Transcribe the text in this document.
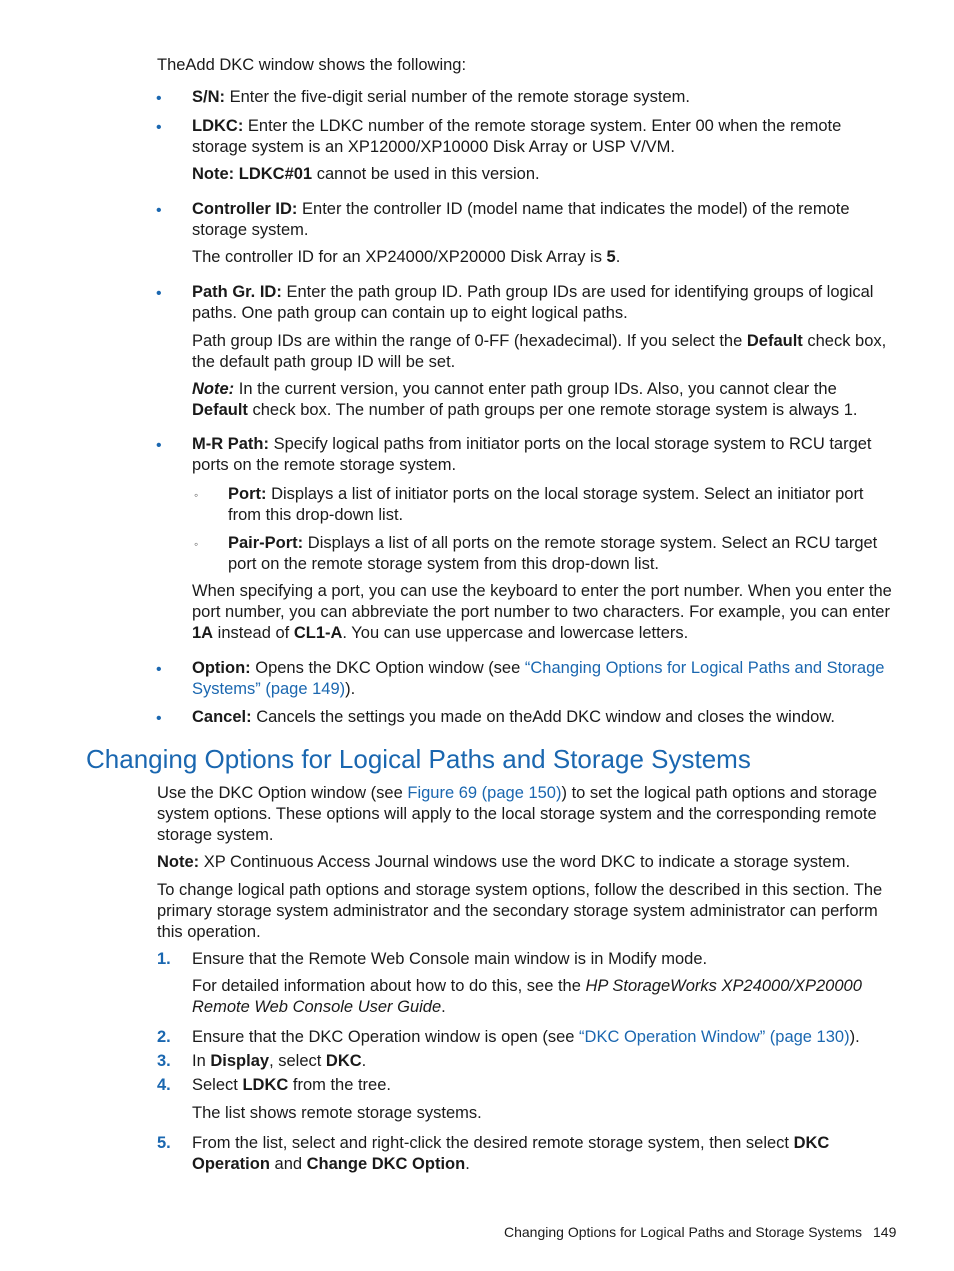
TheAdd DKC window shows the following:

• S/N: Enter the five-digit serial number of the remote storage system.

• LDKC: Enter the LDKC number of the remote storage system. Enter 00 when the remote storage system is an XP12000/XP10000 Disk Array or USP V/VM.

Note: LDKC#01 cannot be used in this version.

• Controller ID: Enter the controller ID (model name that indicates the model) of the remote storage system.

The controller ID for an XP24000/XP20000 Disk Array is 5.

• Path Gr. ID: Enter the path group ID. Path group IDs are used for identifying groups of logical paths. One path group can contain up to eight logical paths.

Path group IDs are within the range of 0-FF (hexadecimal). If you select the Default check box, the default path group ID will be set.

Note: In the current version, you cannot enter path group IDs. Also, you cannot clear the Default check box. The number of path groups per one remote storage system is always 1.

• M-R Path: Specify logical paths from initiator ports on the local storage system to RCU target ports on the remote storage system.

◦ Port: Displays a list of initiator ports on the local storage system. Select an initiator port from this drop-down list.

◦ Pair-Port: Displays a list of all ports on the remote storage system. Select an RCU target port on the remote storage system from this drop-down list.

When specifying a port, you can use the keyboard to enter the port number. When you enter the port number, you can abbreviate the port number to two characters. For example, you can enter 1A instead of CL1-A. You can use uppercase and lowercase letters.

• Option: Opens the DKC Option window (see “Changing Options for Logical Paths and Storage Systems” (page 149)).

• Cancel: Cancels the settings you made on theAdd DKC window and closes the window.

Changing Options for Logical Paths and Storage Systems

Use the DKC Option window (see Figure 69 (page 150)) to set the logical path options and storage system options. These options will apply to the local storage system and the corresponding remote storage system.

Note: XP Continuous Access Journal windows use the word DKC to indicate a storage system.

To change logical path options and storage system options, follow the described in this section. The primary storage system administrator and the secondary storage system administrator can perform this operation.

1. Ensure that the Remote Web Console main window is in Modify mode.

For detailed information about how to do this, see the HP StorageWorks XP24000/XP20000 Remote Web Console User Guide.

2. Ensure that the DKC Operation window is open (see “DKC Operation Window” (page 130)).

3. In Display, select DKC.

4. Select LDKC from the tree.

The list shows remote storage systems.

5. From the list, select and right-click the desired remote storage system, then select DKC Operation and Change DKC Option.

Changing Options for Logical Paths and Storage Systems 149
